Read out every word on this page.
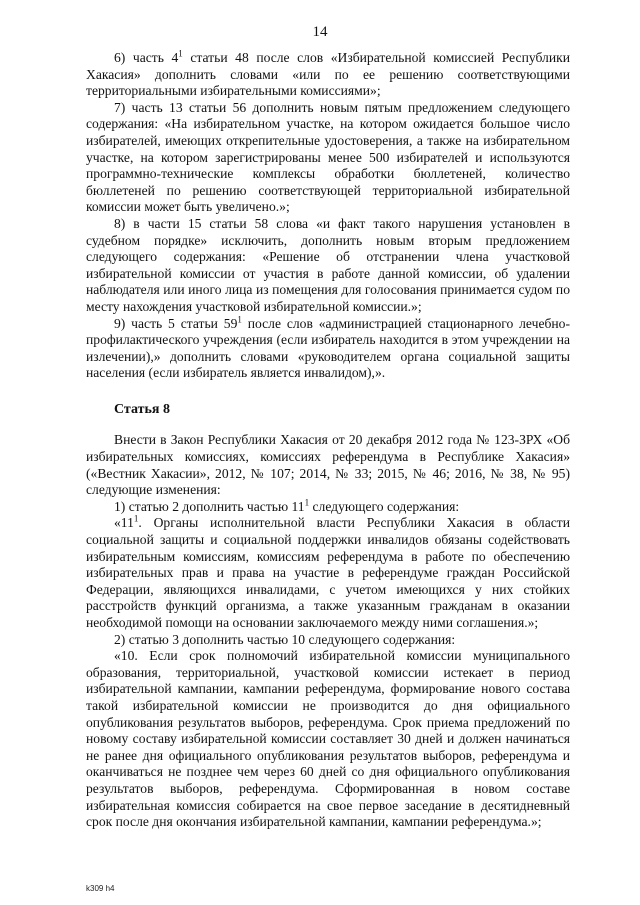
14

6) часть $4^1$ статьи 48 после слов «Избирательной комиссией Республики Хакасия» дополнить словами «или по ее решению соответствующими территориальными избирательными комиссиями»;

7) часть 13 статьи 56 дополнить новым пятым предложением следующего содержания: «На избирательном участке, на котором ожидается большое число избирателей, имеющих открепительные удостоверения, а также на избирательном участке, на котором зарегистрированы менее 500 избирателей и используются программно-технические комплексы обработки бюллетеней, количество бюллетеней по решению соответствующей территориальной избирательной комиссии может быть увеличено.»;

8) в части 15 статьи 58 слова «и факт такого нарушения установлен в судебном порядке» исключить, дополнить новым вторым предложением следующего содержания: «Решение об отстранении члена участковой избирательной комиссии от участия в работе данной комиссии, об удалении наблюдателя или иного лица из помещения для голосования принимается судом по месту нахождения участковой избирательной комиссии.»;

9) часть 5 статьи $59^1$ после слов «администрацией стационарного лечебно-профилактического учреждения (если избиратель находится в этом учреждении на излечении),» дополнить словами «руководителем органа социальной защиты населения (если избиратель является инвалидом),».

Статья 8

Внести в Закон Республики Хакасия от 20 декабря 2012 года № 123-ЗРХ «Об избирательных комиссиях, комиссиях референдума в Республике Хакасия» («Вестник Хакасии», 2012, № 107; 2014, № 33; 2015, № 46; 2016, № 38, № 95) следующие изменения:

1) статью 2 дополнить частью $11^1$ следующего содержания:

«$11^1$. Органы исполнительной власти Республики Хакасия в области социальной защиты и социальной поддержки инвалидов обязаны содействовать избирательным комиссиям, комиссиям референдума в работе по обеспечению избирательных прав и права на участие в референдуме граждан Российской Федерации, являющихся инвалидами, с учетом имеющихся у них стойких расстройств функций организма, а также указанным гражданам в оказании необходимой помощи на основании заключаемого между ними соглашения.»;

2) статью 3 дополнить частью 10 следующего содержания:

«10. Если срок полномочий избирательной комиссии муниципального образования, территориальной, участковой комиссии истекает в период избирательной кампании, кампании референдума, формирование нового состава такой избирательной комиссии не производится до дня официального опубликования результатов выборов, референдума. Срок приема предложений по новому составу избирательной комиссии составляет 30 дней и должен начинаться не ранее дня официального опубликования результатов выборов, референдума и оканчиваться не позднее чем через 60 дней со дня официального опубликования результатов выборов, референдума. Сформированная в новом составе избирательная комиссия собирается на свое первое заседание в десятидневный срок после дня окончания избирательной кампании, кампании референдума.»;

k309 h4
